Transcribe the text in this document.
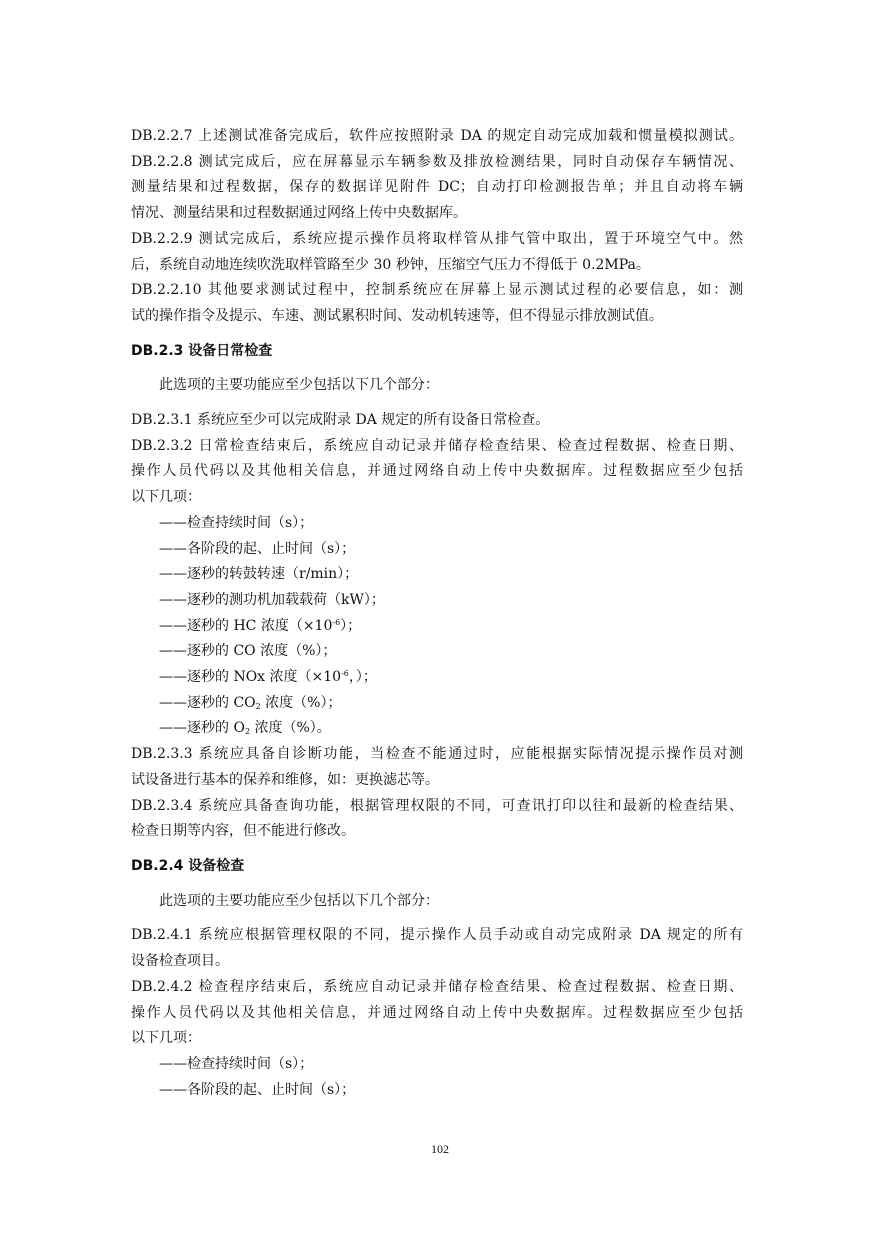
DB.2.2.7 上述测试准备完成后，软件应按照附录 DA 的规定自动完成加载和惯量模拟测试。
DB.2.2.8 测试完成后，应在屏幕显示车辆参数及排放检测结果，同时自动保存车辆情况、
测量结果和过程数据，保存的数据详见附件 DC；自动打印检测报告单；并且自动将车辆
情况、测量结果和过程数据通过网络上传中央数据库。
DB.2.2.9 测试完成后，系统应提示操作员将取样管从排气管中取出，置于环境空气中。然
后，系统自动地连续吹洗取样管路至少 30 秒钟，压缩空气压力不得低于 0.2MPa。
DB.2.2.10 其他要求测试过程中，控制系统应在屏幕上显示测试过程的必要信息，如：测
试的操作指令及提示、车速、测试累积时间、发动机转速等，但不得显示排放测试值。
DB.2.3 设备日常检查
此选项的主要功能应至少包括以下几个部分：
DB.2.3.1 系统应至少可以完成附录 DA 规定的所有设备日常检查。
DB.2.3.2 日常检查结束后，系统应自动记录并储存检查结果、检查过程数据、检查日期、
操作人员代码以及其他相关信息，并通过网络自动上传中央数据库。过程数据应至少包括
以下几项：
——检查持续时间（s）；
——各阶段的起、止时间（s）；
——逐秒的转鼓转速（r/min）；
——逐秒的测功机加载载荷（kW）；
——逐秒的 HC 浓度$(\times 10^{-6})$；
——逐秒的 CO 浓度（%）；
——逐秒的 NOx 浓度（$\times 10^{-6}$，）；
——逐秒的 $CO_2$ 浓度（%）；
——逐秒的 $O_2$ 浓度（%）。
DB.2.3.3 系统应具备自诊断功能，当检查不能通过时，应能根据实际情况提示操作员对测
试设备进行基本的保养和维修，如：更换滤芯等。
DB.2.3.4 系统应具备查询功能，根据管理权限的不同，可查讯打印以往和最新的检查结果、
检查日期等内容，但不能进行修改。
DB.2.4 设备检查
此选项的主要功能应至少包括以下几个部分：
DB.2.4.1 系统应根据管理权限的不同，提示操作人员手动或自动完成附录 DA 规定的所有
设备检查项目。
DB.2.4.2 检查程序结束后，系统应自动记录并储存检查结果、检查过程数据、检查日期、
操作人员代码以及其他相关信息，并通过网络自动上传中央数据库。过程数据应至少包括
以下几项：
——检查持续时间（s）；
——各阶段的起、止时间（s）；
102
